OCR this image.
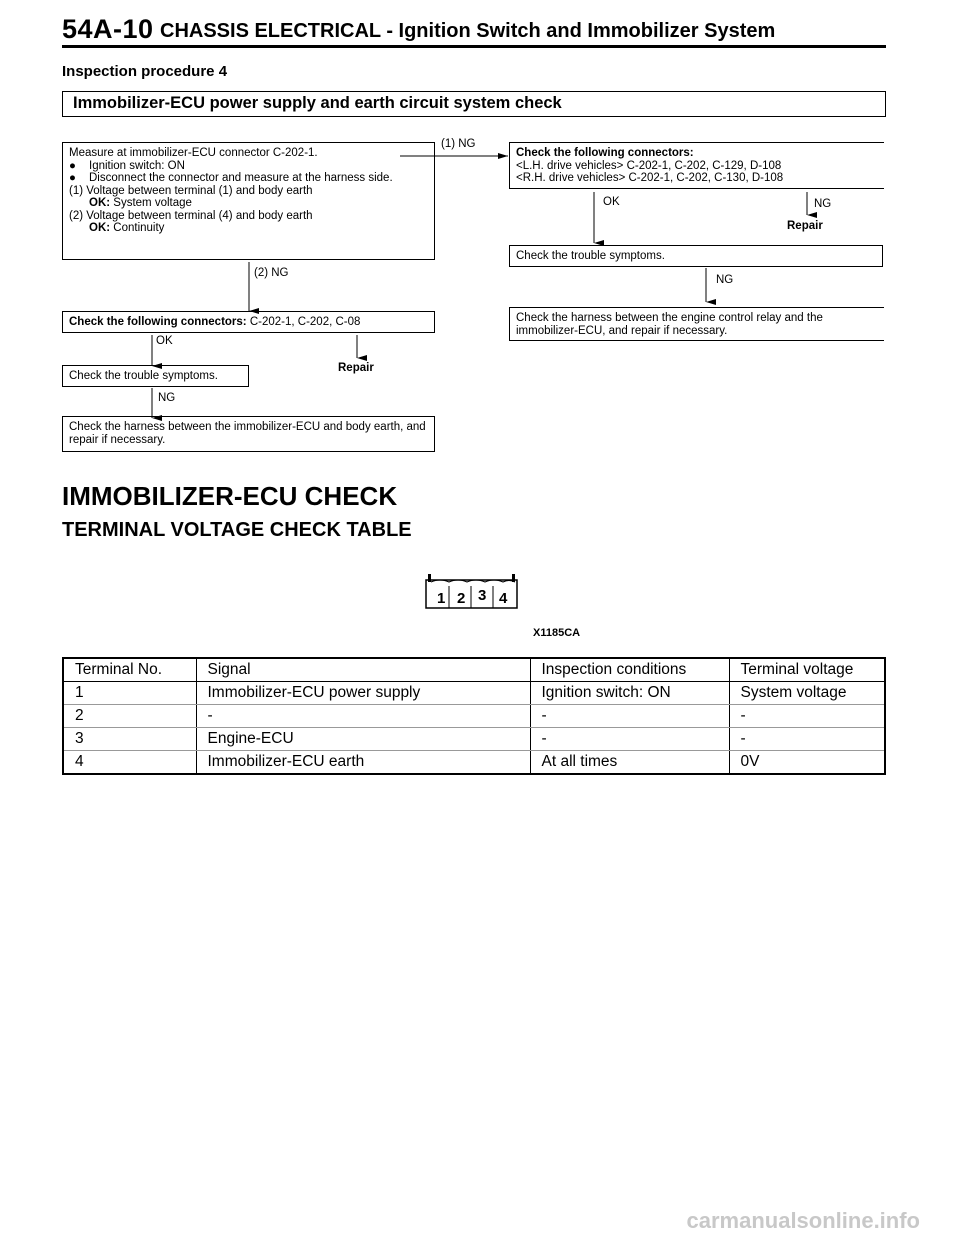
54A-10 CHASSIS ELECTRICAL - Ignition Switch and Immobilizer System
Inspection procedure 4
Immobilizer-ECU power supply and earth circuit system check
Measure at immobilizer-ECU connector C-202-1.
● Ignition switch: ON
● Disconnect the connector and measure at the harness side.
(1) Voltage between terminal (1) and body earth
OK: System voltage
(2) Voltage between terminal (4) and body earth
OK: Continuity
(1) NG
(2) NG
Check the following connectors:
<L.H. drive vehicles> C-202-1, C-202, C-129, D-108
<R.H. drive vehicles> C-202-1, C-202, C-130, D-108
OK	NG
Repair
Check the trouble symptoms.
NG
Check the harness between the engine control relay and the immobilizer-ECU, and repair if necessary.
Check the following connectors: C-202-1, C-202, C-08
OK
Repair
Check the trouble symptoms.
NG
Check the harness between the immobilizer-ECU and body earth, and repair if necessary.
IMMOBILIZER-ECU CHECK
TERMINAL VOLTAGE CHECK TABLE
1 2 3 4
X1185CA
Terminal No.	Signal	Inspection conditions	Terminal voltage
1	Immobilizer-ECU power supply	Ignition switch: ON	System voltage
2	-	-	-
3	Engine-ECU	-	-
4	Immobilizer-ECU earth	At all times	0V
carmanualsonline.info
